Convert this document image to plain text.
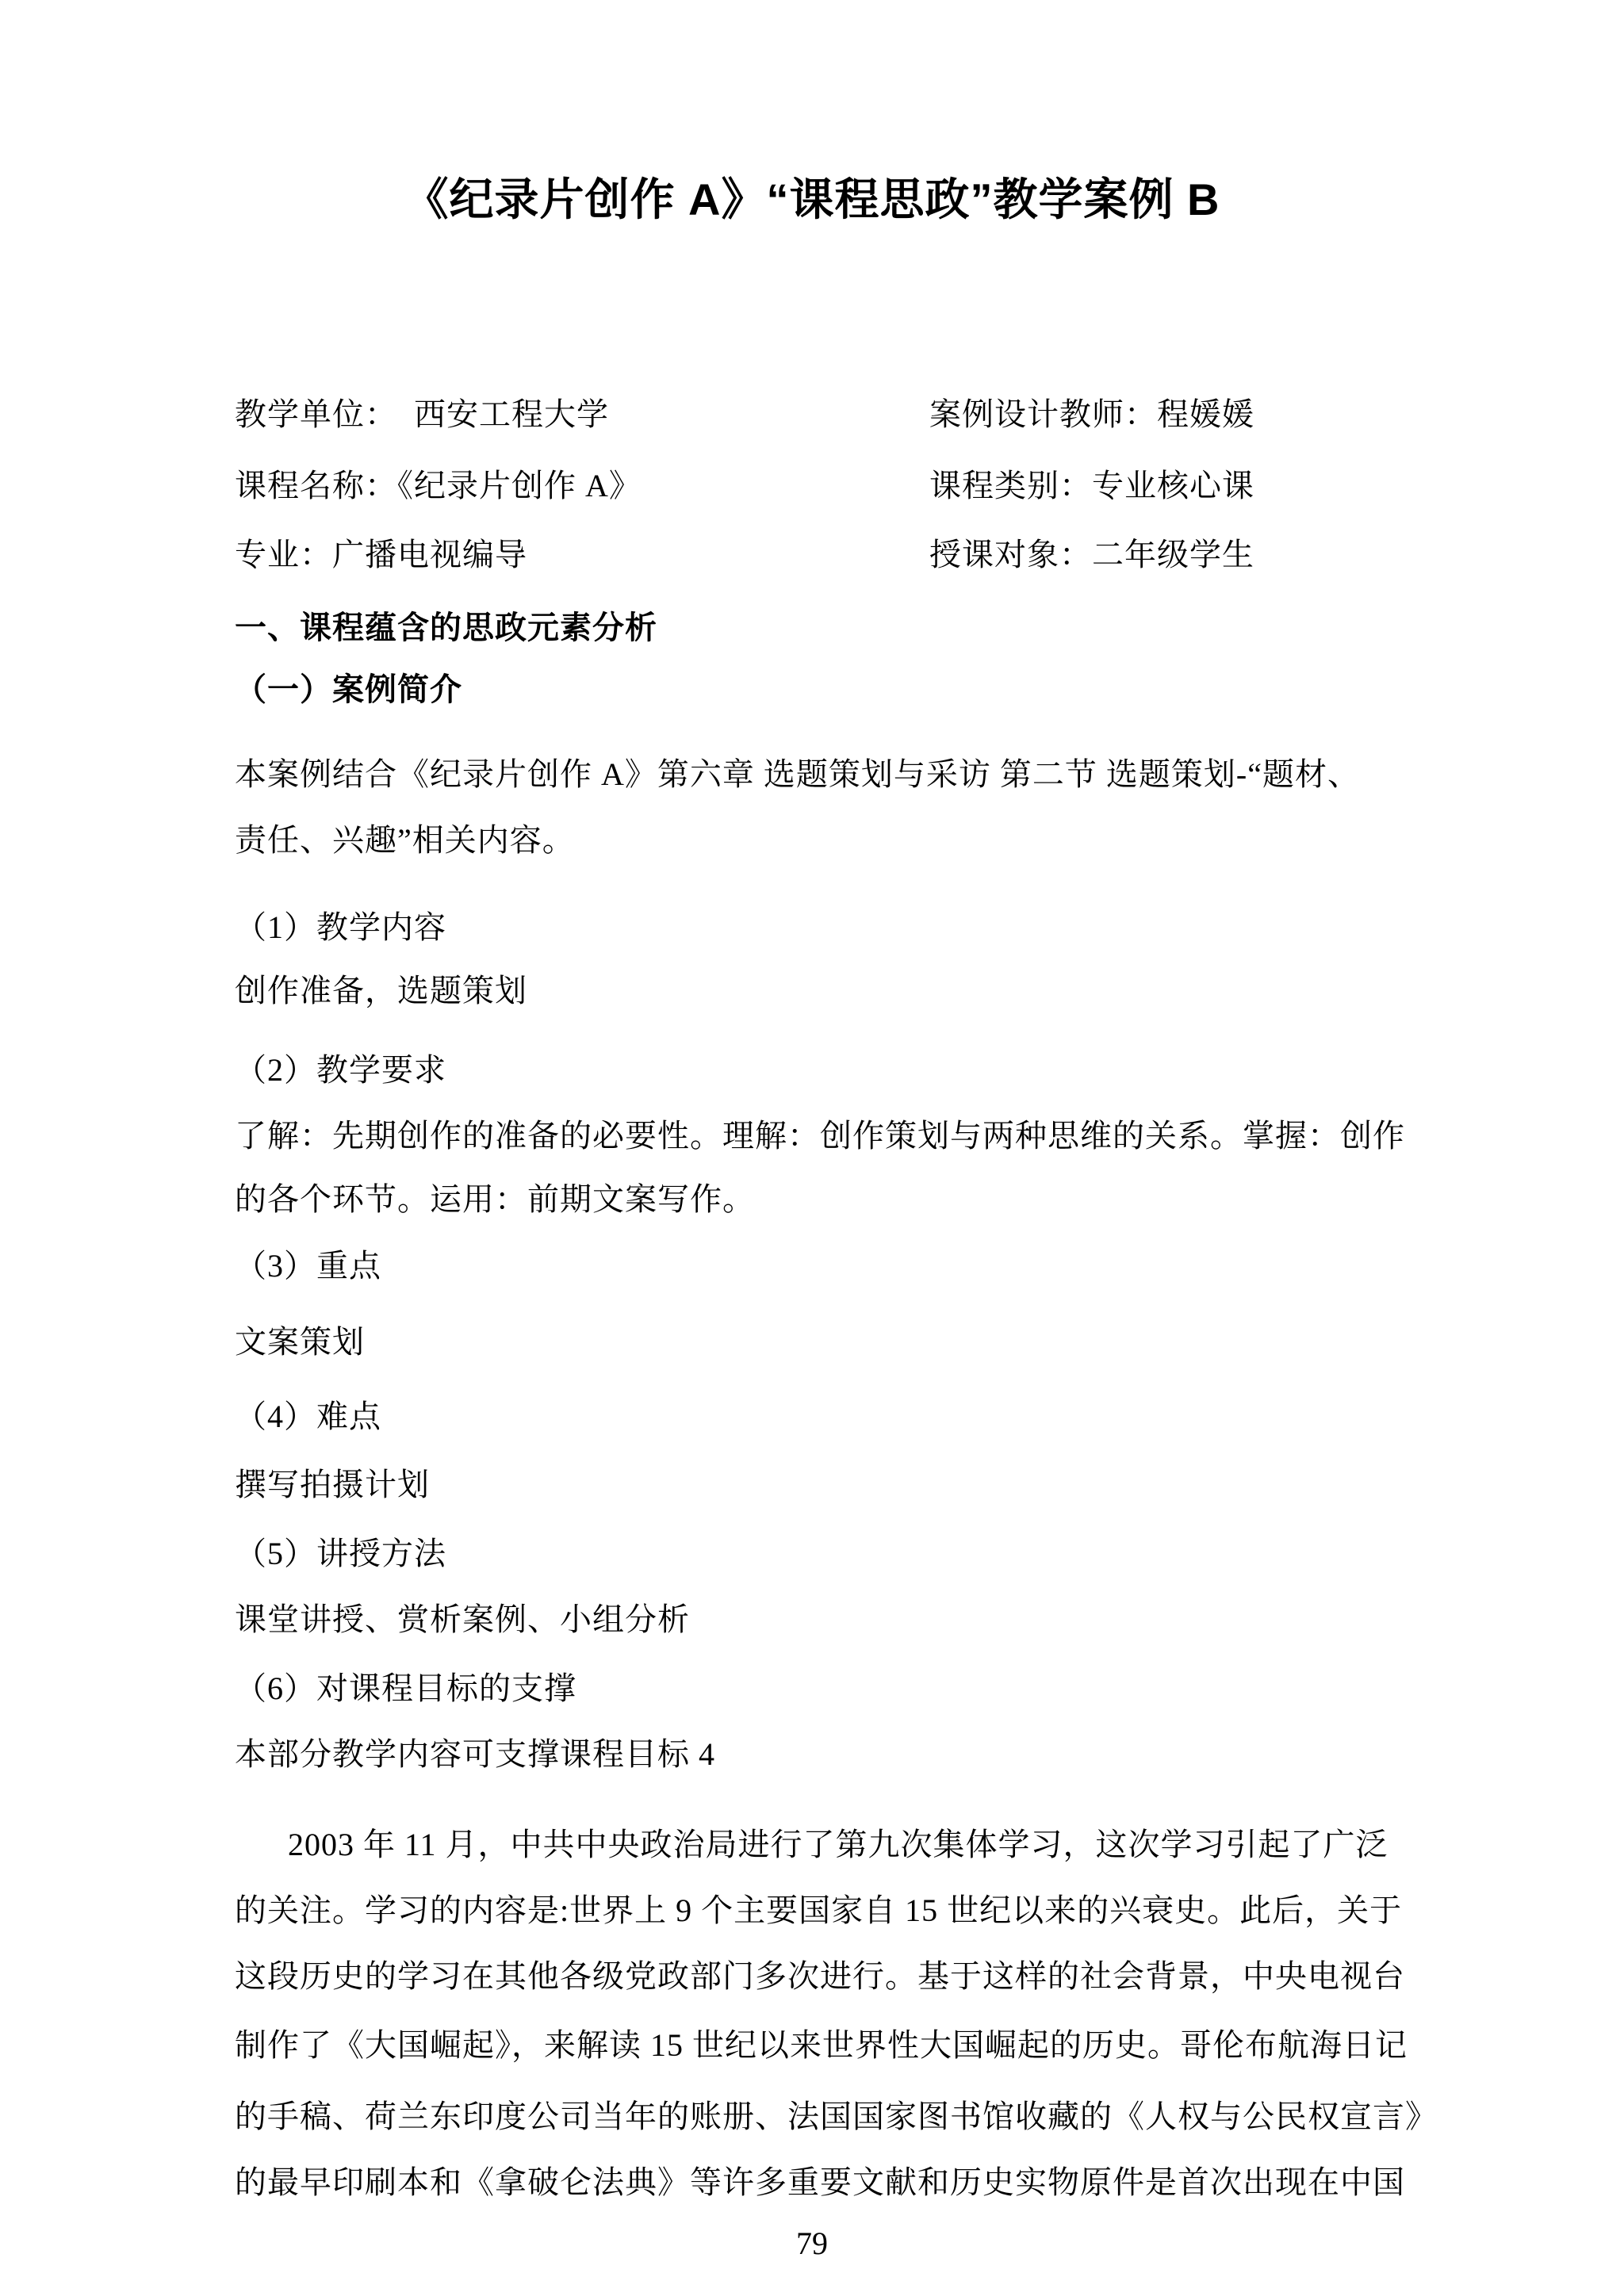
《纪录片创作 A》“课程思政”教学案例 B
教学单位：　西安工程大学	案例设计教师：程媛媛
课程名称：《纪录片创作 A》	课程类别：专业核心课
专业：广播电视编导	授课对象：二年级学生
一、课程蕴含的思政元素分析
（一）案例简介
本案例结合《纪录片创作 A》第六章 选题策划与采访 第二节 选题策划-“题材、
责任、兴趣”相关内容。
（1）教学内容
创作准备，选题策划
（2）教学要求
了解：先期创作的准备的必要性。理解：创作策划与两种思维的关系。掌握：创作
的各个环节。运用：前期文案写作。
（3）重点
文案策划
（4）难点
撰写拍摄计划
（5）讲授方法
课堂讲授、赏析案例、小组分析
（6）对课程目标的支撑
本部分教学内容可支撑课程目标 4
2003 年 11 月，中共中央政治局进行了第九次集体学习，这次学习引起了广泛
的关注。学习的内容是:世界上 9 个主要国家自 15 世纪以来的兴衰史。此后，关于
这段历史的学习在其他各级党政部门多次进行。基于这样的社会背景，中央电视台
制作了《大国崛起》，来解读 15 世纪以来世界性大国崛起的历史。哥伦布航海日记
的手稿、荷兰东印度公司当年的账册、法国国家图书馆收藏的《人权与公民权宣言》
的最早印刷本和《拿破仑法典》等许多重要文献和历史实物原件是首次出现在中国
79
